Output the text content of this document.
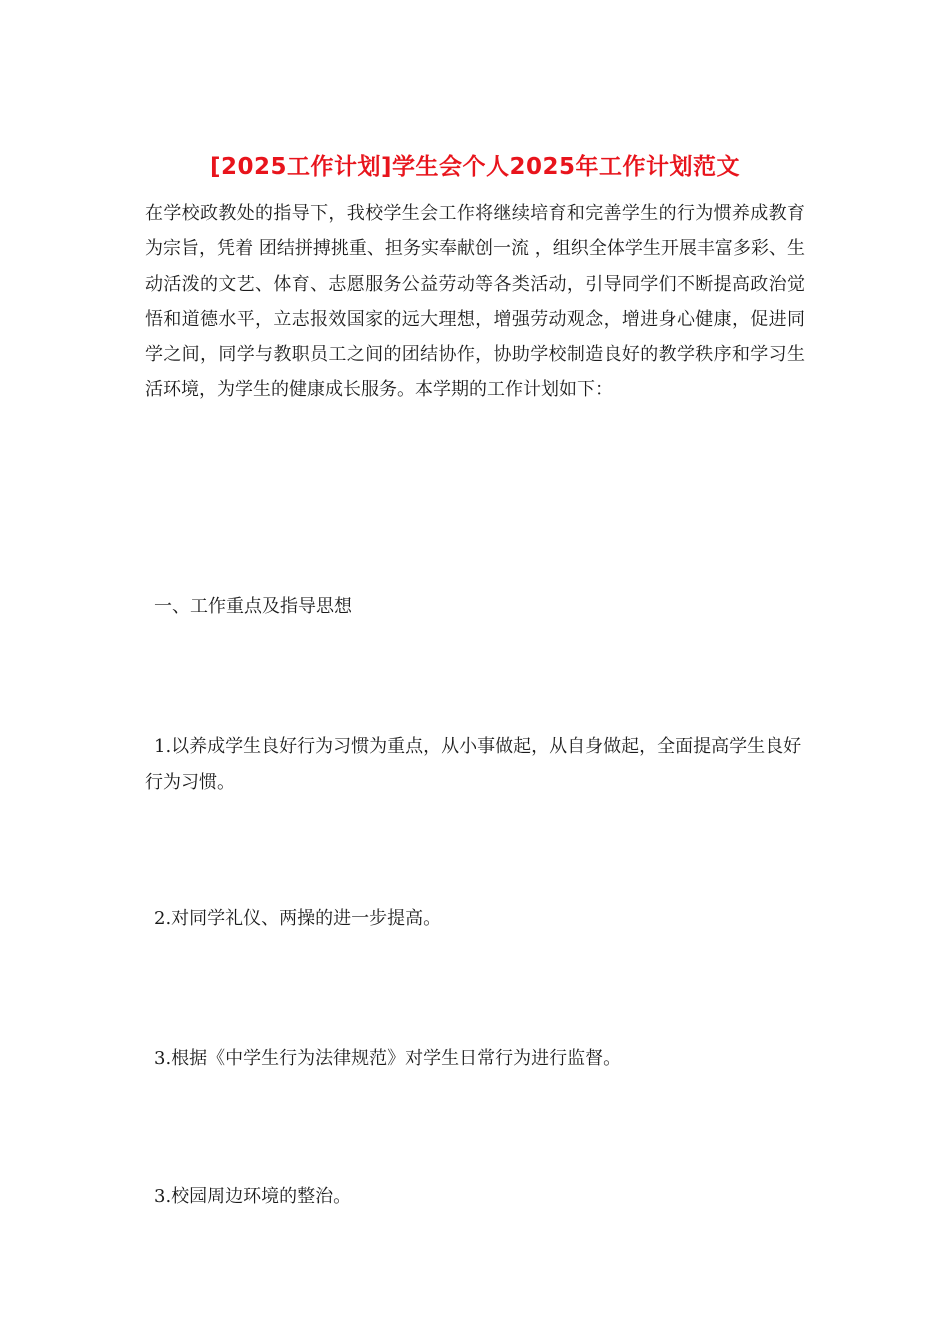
[2025工作计划]学生会个人2025年工作计划范文
在学校政教处的指导下，我校学生会工作将继续培育和完善学生的行为惯养成教育为宗旨，凭着 团结拼搏挑重、担务实奉献创一流 ，组织全体学生开展丰富多彩、生动活泼的文艺、体育、志愿服务公益劳动等各类活动，引导同学们不断提高政治觉悟和道德水平，立志报效国家的远大理想，增强劳动观念，增进身心健康，促进同学之间，同学与教职员工之间的团结协作，协助学校制造良好的教学秩序和学习生活环境，为学生的健康成长服务。本学期的工作计划如下：
一、工作重点及指导思想
1.以养成学生良好行为习惯为重点，从小事做起，从自身做起，全面提高学生良好行为习惯。
2.对同学礼仪、两操的进一步提高。
3.根据《中学生行为法律规范》对学生日常行为进行监督。
3.校园周边环境的整治。
